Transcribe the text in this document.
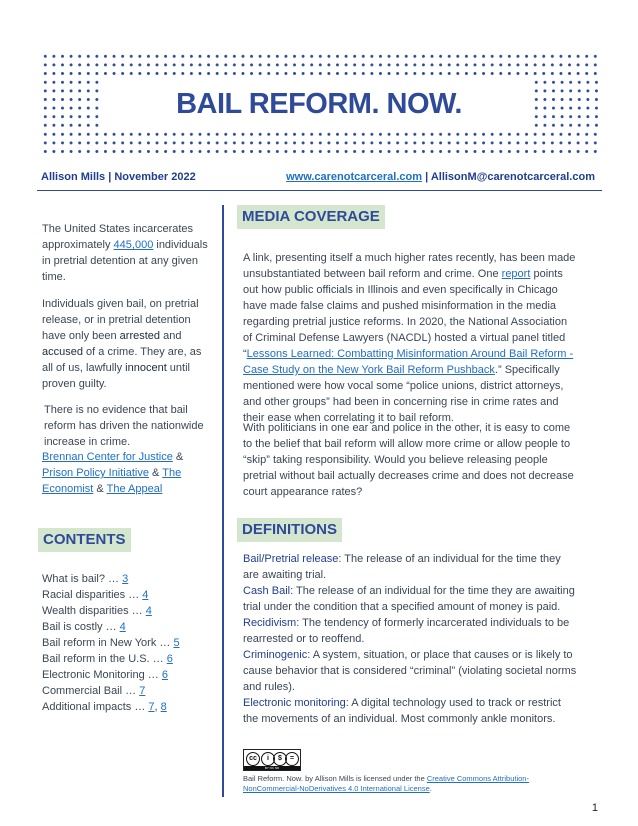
BAIL REFORM. NOW.
Allison Mills | November 2022	www.carenotcarceral.com | AllisonM@carenotcarceral.com
The United States incarcerates approximately 445,000 individuals in pretrial detention at any given time.
Individuals given bail, on pretrial release, or in pretrial detention have only been arrested and accused of a crime. They are, as all of us, lawfully innocent until proven guilty.
There is no evidence that bail reform has driven the nationwide increase in crime.
Brennan Center for Justice & Prison Policy Initiative & The Economist & The Appeal
CONTENTS
What is bail? … 3
Racial disparities … 4
Wealth disparities … 4
Bail is costly … 4
Bail reform in New York … 5
Bail reform in the U.S. … 6
Electronic Monitoring … 6
Commercial Bail … 7
Additional impacts … 7, 8
MEDIA COVERAGE
A link, presenting itself a much higher rates recently, has been made unsubstantiated between bail reform and crime. One report points out how public officials in Illinois and even specifically in Chicago have made false claims and pushed misinformation in the media regarding pretrial justice reforms. In 2020, the National Association of Criminal Defense Lawyers (NACDL) hosted a virtual panel titled “Lessons Learned: Combatting Misinformation Around Bail Reform - Case Study on the New York Bail Reform Pushback.” Specifically mentioned were how vocal some “police unions, district attorneys, and other groups” had been in concerning rise in crime rates and their ease when correlating it to bail reform.
With politicians in one ear and police in the other, it is easy to come to the belief that bail reform will allow more crime or allow people to “skip” taking responsibility. Would you believe releasing people pretrial without bail actually decreases crime and does not decrease court appearance rates?
DEFINITIONS
Bail/Pretrial release: The release of an individual for the time they are awaiting trial.
Cash Bail: The release of an individual for the time they are awaiting trial under the condition that a specified amount of money is paid.
Recidivism: The tendency of formerly incarcerated individuals to be rearrested or to reoffend.
Criminogenic: A system, situation, or place that causes or is likely to cause behavior that is considered “criminal” (violating societal norms and rules).
Electronic monitoring: A digital technology used to track or restrict the movements of an individual. Most commonly ankle monitors.
cc	i	$	=
BY NC ND
Bail Reform. Now. by Allison Mills is licensed under the Creative Commons Attribution-NonCommercial-NoDerivatives 4.0 International License.
1
